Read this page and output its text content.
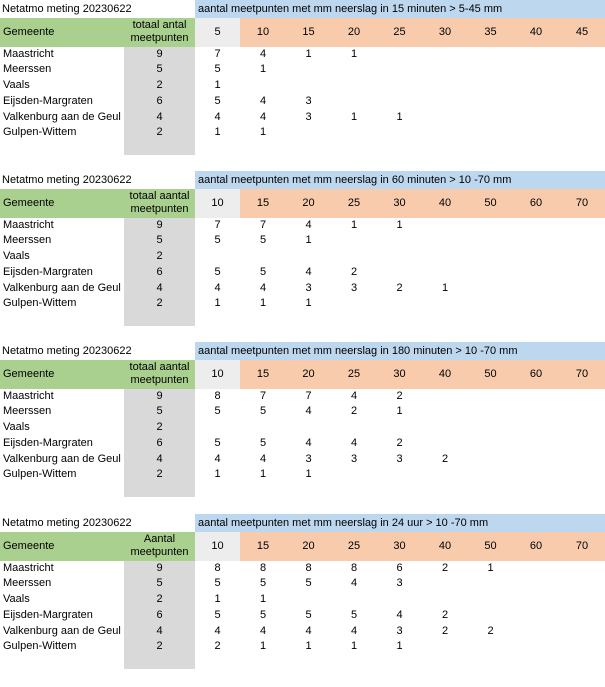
Netatmo meting 20230622	aantal meetpunten met mm neerslag in 15 minuten > 5-45 mm
Gemeente
totaal antal
meetpunten	5	10	15	20	25	30	35	40	45
Maastricht	9	7	4	1	1
Meerssen	5	5	1
Vaals	2	1
Eijsden-Margraten	6	5	4	3
Valkenburg aan de Geul	4	4	4	3	1	1
Gulpen-Wittem	2	1	1
Netatmo meting 20230622	aantal meetpunten met mm neerslag in 60 minuten > 10 -70 mm
Gemeente
totaal aantal
meetpunten	10	15	20	25	30	40	50	60	70
Maastricht	9	7	7	4	1	1
Meerssen	5	5	5	1
Vaals	2
Eijsden-Margraten	6	5	5	4	2
Valkenburg aan de Geul	4	4	4	3	3	2	1
Gulpen-Wittem	2	1	1	1
Netatmo meting 20230622	aantal meetpunten met mm neerslag in 180 minuten > 10 -70 mm
Gemeente
totaal aantal
meetpunten	10	15	20	25	30	40	50	60	70
Maastricht	9	8	7	7	4	2
Meerssen	5	5	5	4	2	1
Vaals	2
Eijsden-Margraten	6	5	5	4	4	2
Valkenburg aan de Geul	4	4	4	3	3	3	2
Gulpen-Wittem	2	1	1	1
Netatmo meting 20230622	aantal meetpunten met mm neerslag in 24 uur > 10 -70 mm
Gemeente
Aantal
meetpunten	10	15	20	25	30	40	50	60	70
Maastricht	9	8	8	8	8	6	2	1
Meerssen	5	5	5	5	4	3
Vaals	2	1	1
Eijsden-Margraten	6	5	5	5	5	4	2
Valkenburg aan de Geul	4	4	4	4	4	3	2	2
Gulpen-Wittem	2	2	1	1	1	1
